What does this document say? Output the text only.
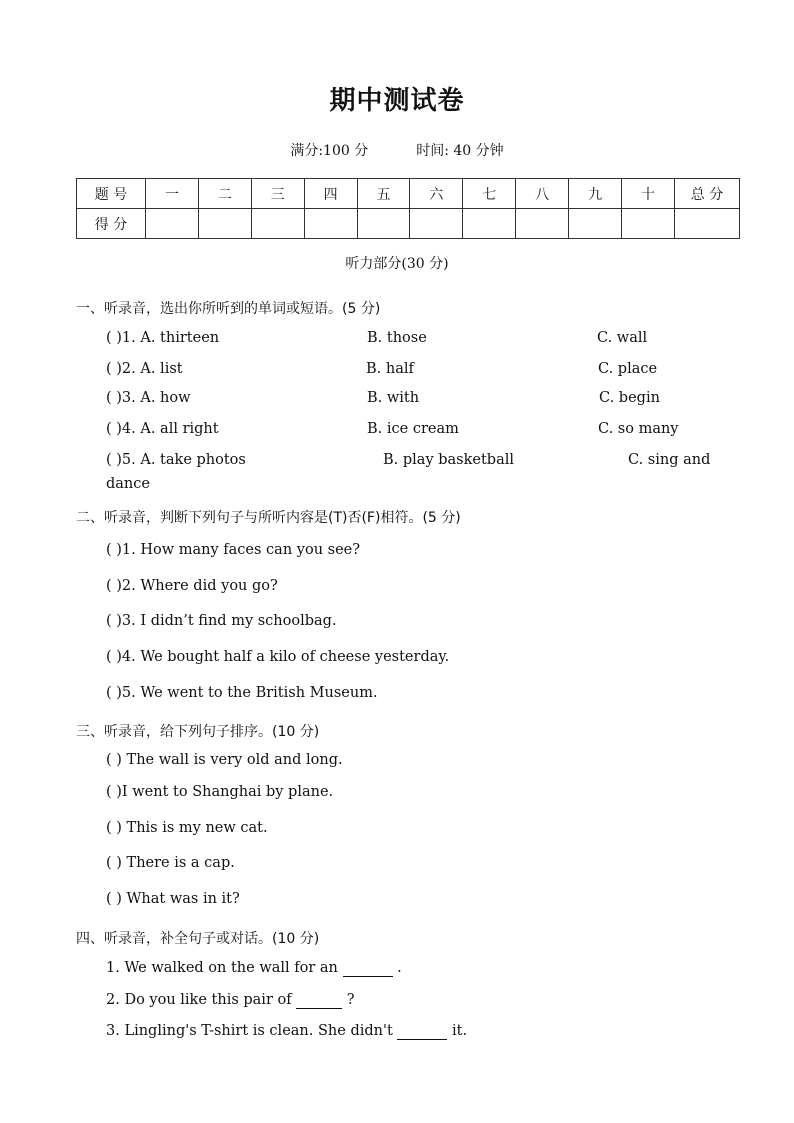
期中测试卷
满分:100 分	时间: 40 分钟
题 号	一	二	三	四	五	六	七	八	九	十	总 分
得 分											
听力部分(30 分)
一、听录音，选出你所听到的单词或短语。(5 分)
( )1. A. thirteen	B. those	C. wall
( )2. A. list	B. half	C. place
( )3. A. how	B. with	C. begin
( )4. A. all right	B. ice cream	C. so many
( )5. A. take photos	B. play basketball	C. sing and
dance
二、听录音，判断下列句子与所听内容是(T)否(F)相符。(5 分)
( )1. How many faces can you see?
( )2. Where did you go?
( )3. I didn’t find my schoolbag.
( )4. We bought half a kilo of cheese yesterday.
( )5. We went to the British Museum.
三、听录音，给下列句子排序。(10 分)
( ) The wall is very old and long.
( )I went to Shanghai by plane.
( ) This is my new cat.
( ) There is a cap.
( ) What was in it?
四、听录音，补全句子或对话。(10 分)
1. We walked on the wall for an	.
2. Do you like this pair of	?
3. Lingling's T-shirt is clean. She didn't	it.
